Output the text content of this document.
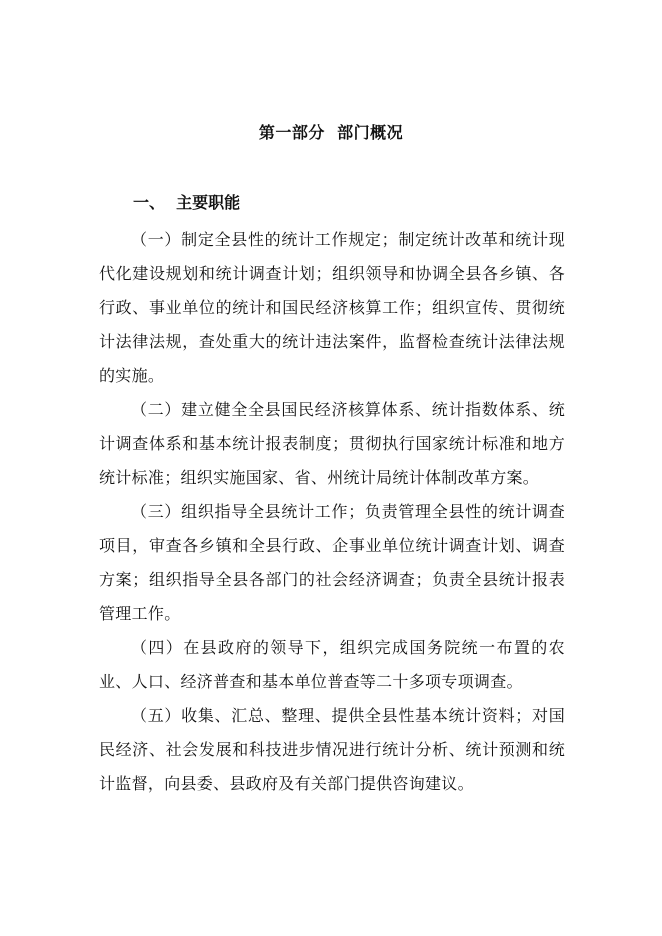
第一部分  部门概况
一、  主要职能

（一）制定全县性的统计工作规定；制定统计改革和统计现代化建设规划和统计调查计划；组织领导和协调全县各乡镇、各行政、事业单位的统计和国民经济核算工作；组织宣传、贯彻统计法律法规，查处重大的统计违法案件，监督检查统计法律法规的实施。

（二）建立健全全县国民经济核算体系、统计指数体系、统计调查体系和基本统计报表制度；贯彻执行国家统计标准和地方统计标准；组织实施国家、省、州统计局统计体制改革方案。

（三）组织指导全县统计工作；负责管理全县性的统计调查项目，审查各乡镇和全县行政、企事业单位统计调查计划、调查方案；组织指导全县各部门的社会经济调查；负责全县统计报表管理工作。

（四）在县政府的领导下，组织完成国务院统一布置的农业、人口、经济普查和基本单位普查等二十多项专项调查。

（五）收集、汇总、整理、提供全县性基本统计资料；对国民经济、社会发展和科技进步情况进行统计分析、统计预测和统计监督，向县委、县政府及有关部门提供咨询建议。
